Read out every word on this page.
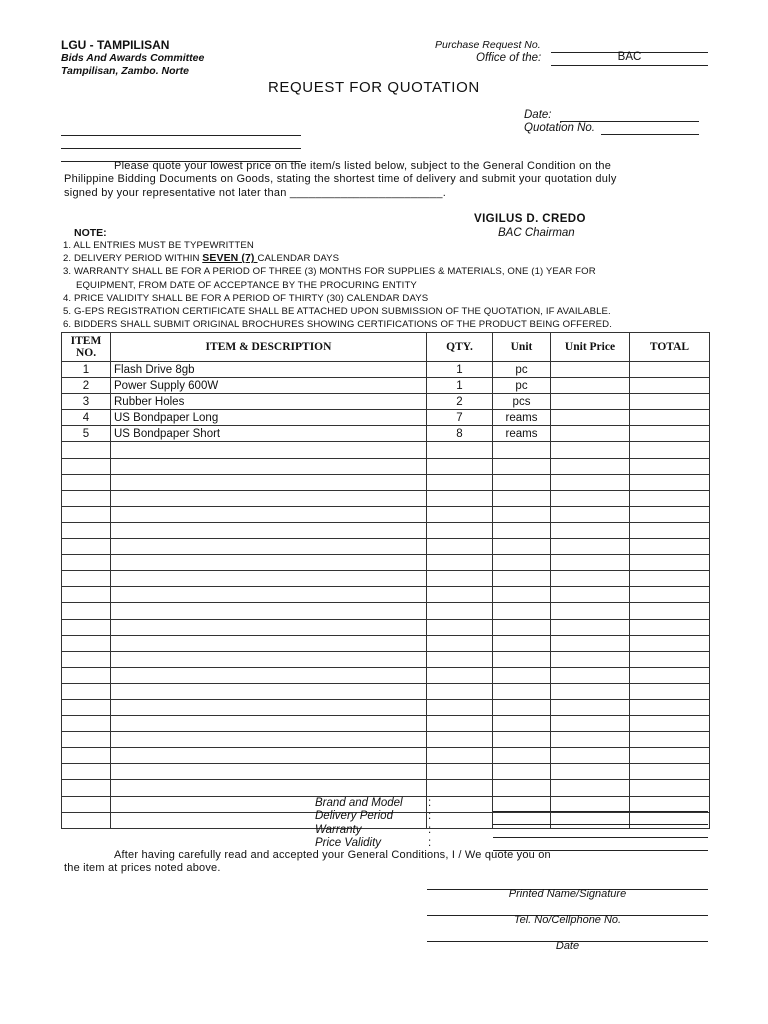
LGU - TAMPILISAN
Bids And Awards Committee
Tampilisan, Zambo. Norte
Purchase Request No.
Office of the:	BAC
REQUEST FOR QUOTATION
Date:
Quotation No.
Please quote your lowest price on the item/s listed below, subject to the General Condition on the
Philippine Bidding Documents on Goods, stating the shortest time of delivery and submit your quotation duly
signed by your representative not later than ________________________.
VIGILUS D. CREDO
BAC Chairman
NOTE:
1. ALL ENTRIES MUST BE TYPEWRITTEN
2. DELIVERY PERIOD WITHIN SEVEN (7) CALENDAR DAYS
3. WARRANTY SHALL BE FOR A PERIOD OF THREE (3) MONTHS FOR SUPPLIES & MATERIALS, ONE (1) YEAR FOR
EQUIPMENT, FROM DATE OF ACCEPTANCE BY THE PROCURING ENTITY
4. PRICE VALIDITY SHALL BE FOR A PERIOD OF THIRTY (30) CALENDAR DAYS
5. G-EPS REGISTRATION CERTIFICATE SHALL BE ATTACHED UPON SUBMISSION OF THE QUOTATION, IF AVAILABLE.
6. BIDDERS SHALL SUBMIT ORIGINAL BROCHURES SHOWING CERTIFICATIONS OF THE PRODUCT BEING OFFERED.
ITEM
NO.	ITEM & DESCRIPTION	QTY.	Unit	Unit Price	TOTAL
1	Flash Drive 8gb	1	pc		
2	Power Supply 600W	1	pc		
3	Rubber Holes	2	pcs		
4	US Bondpaper Long	7	reams		
5	US Bondpaper Short	8	reams		

Brand and Model
Delivery Period
Warranty
Price Validity
:
:
:
:
After having carefully read and accepted your General Conditions, I / We quote you on
the item at prices noted above.
Printed Name/Signature
Tel. No/Cellphone No.
Date
